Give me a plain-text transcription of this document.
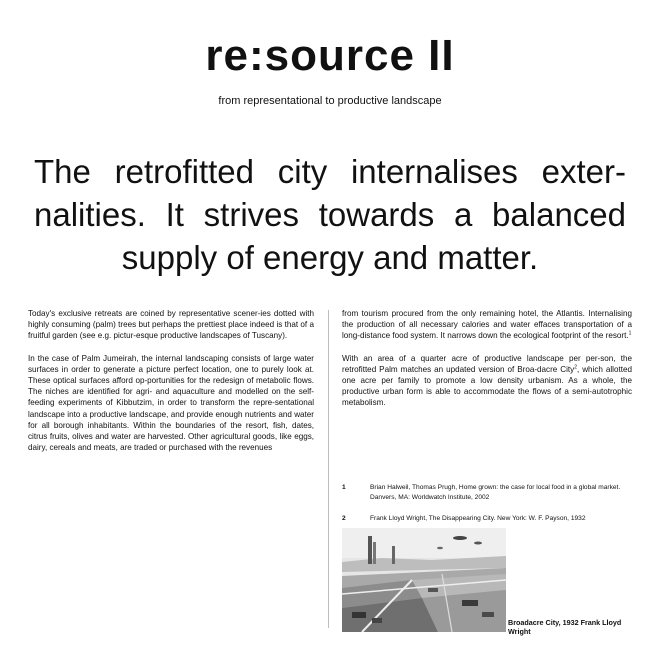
re:source II
from representational to productive landscape
The retrofitted city internalises exter-nalities. It strives towards a balanced supply of energy and matter.

Today's exclusive retreats are coined by representative scener-ies dotted with highly consuming (palm) trees but perhaps the prettiest place indeed is that of a fruitful garden (see e.g. pictur-esque productive landscapes of Tuscany).

In the case of Palm Jumeirah, the internal landscaping consists of large water surfaces in order to generate a picture perfect location, one to purely look at. These optical surfaces afford op-portunities for the redesign of metabolic flows. The niches are identified for agri- and aquaculture and modelled on the self-feeding experiments of Kibbutzim, in order to transform the repre-sentational landscape into a productive landscape, and provide enough nutrients and water for all borough inhabitants. Within the boundaries of the resort, fish, dates, citrus fruits, olives and water are harvested. Other agricultural goods, like eggs, dairy, cereals and meats, are traded or purchased with the revenues

from tourism procured from the only remaining hotel, the Atlantis. Internalising the production of all necessary calories and water effaces transportation of a long-distance food system. It narrows down the ecological footprint of the resort.$^1$

With an area of a quarter acre of productive landscape per per-son, the retrofitted Palm matches an updated version of Broa-dacre City$^2$, which allotted one acre per family to promote a low density urbanism. As a whole, the productive urban form is able to accommodate the flows of a semi-autotrophic metabolism.

1	Brian Halweil, Thomas Prugh, Home grown: the case for local food in a global market. Danvers, MA: Worldwatch Institute, 2002
2	Frank Lloyd Wright, The Disappearing City. New York: W. F. Payson, 1932
Broadacre City, 1932 Frank Lloyd Wright
